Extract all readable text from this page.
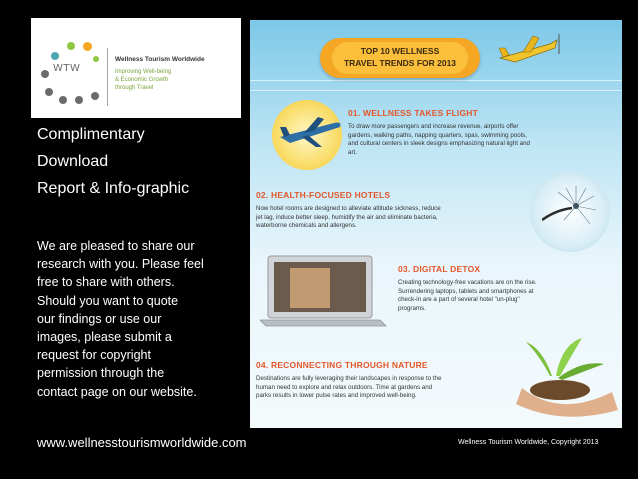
WTW
Wellness Tourism Worldwide
Improving Well-being
& Economic Growth
through Travel
Complimentary
Download
Report & Info-graphic
We are pleased to share our
research with you. Please feel
free to share with others.
Should you want to quote
our findings or use our
images, please submit a
request for copyright
permission through the
contact page on our website.
www.wellnesstourismworldwide.com	Wellness Tourism Worldwide, Copyright 2013
TOP 10 WELLNESS
TRAVEL TRENDS FOR 2013
01. WELLNESS TAKES FLIGHT
To draw more passengers and increase revenue, airports offer
gardens, walking paths, napping quarters, spas, swimming pools,
and cultural centers in sleek designs emphasizing natural light and
art.
02. HEALTH-FOCUSED HOTELS
Now hotel rooms are designed to alleviate altitude sickness, reduce
jet lag, induce better sleep, humidify the air and eliminate bacteria,
waterborne chemicals and allergens.
03. DIGITAL DETOX
Creating technology-free vacations are on the rise.
Surrendering laptops, tablets and smartphones at
check-in are a part of several hotel "un-plug"
programs.
04. RECONNECTING THROUGH NATURE
Destinations are fully leveraging their landscapes in response to the
human need to explore and relax outdoors. Time at gardens and
parks results in lower pulse rates and improved well-being.
